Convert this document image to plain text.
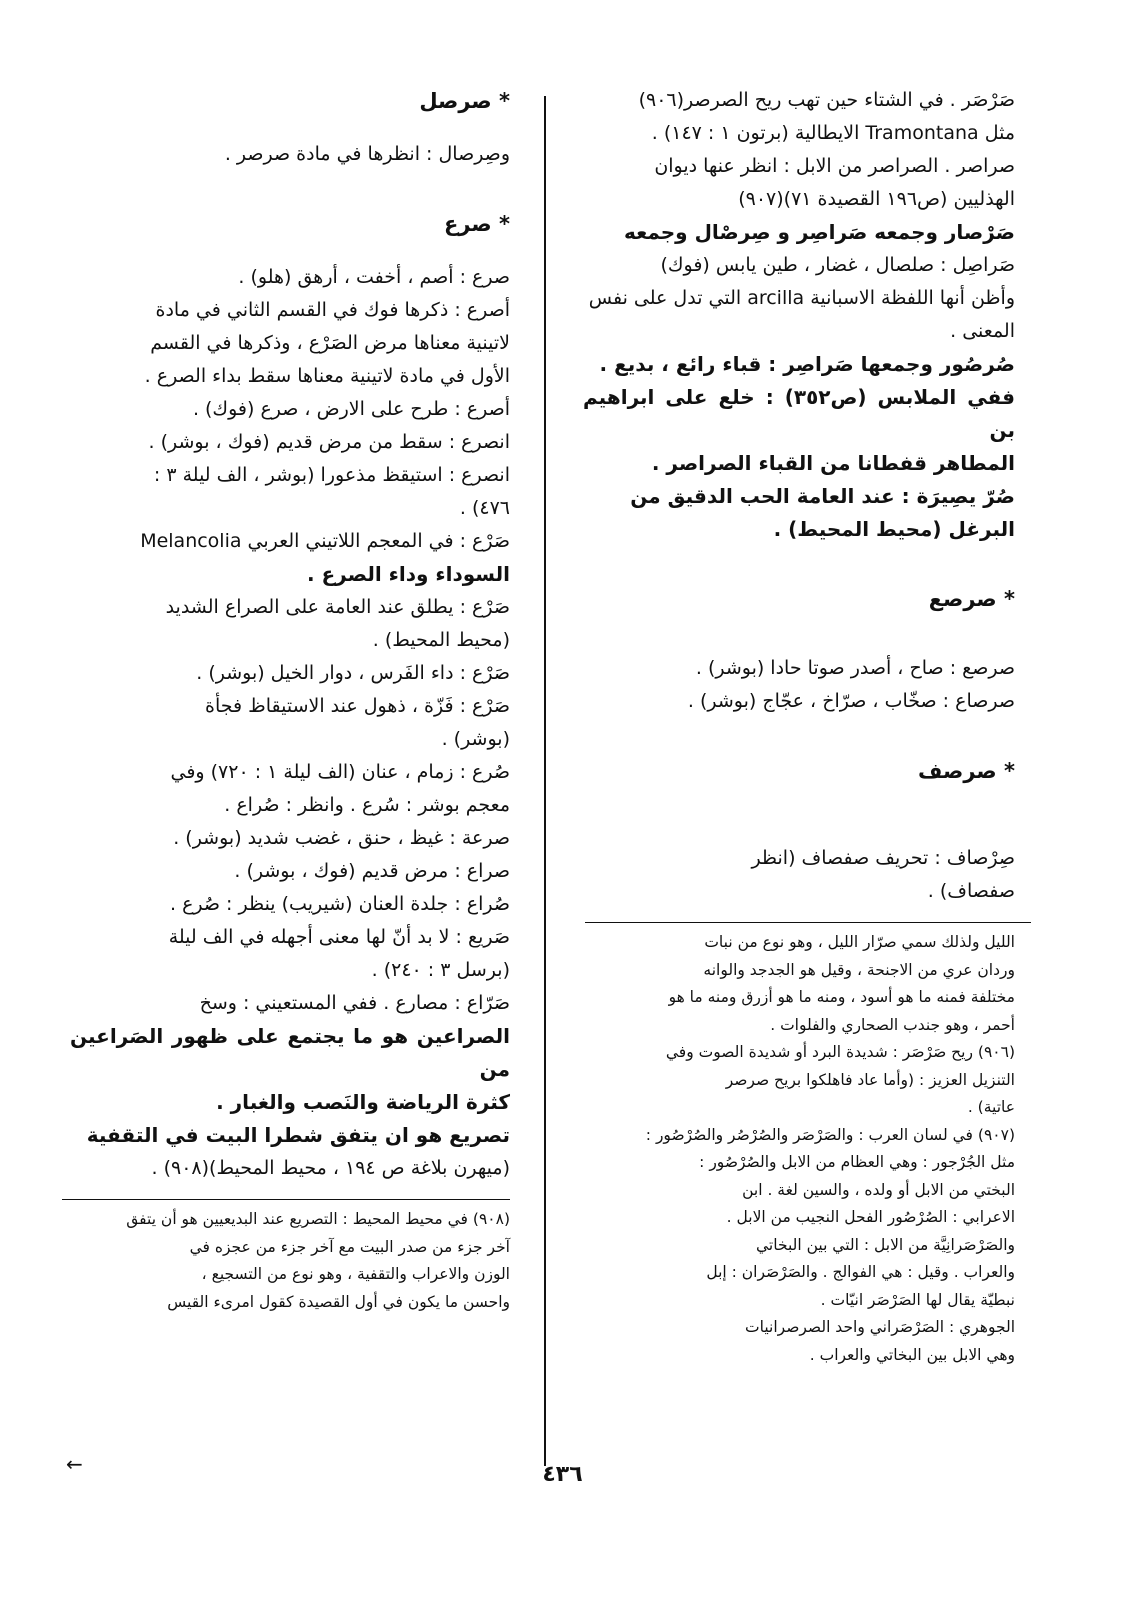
صَرْصَر . في الشتاء حين تهب ريح الصرصر(٩٠٦)
مثل Tramontana الايطالية (برتون ١ : ١٤٧) .
صراصر . الصراصر من الابل : انظر عنها ديوان
الهذليين (ص١٩٦ القصيدة ٧١)(٩٠٧)
صَرْصار وجمعه صَراصِر و صِرصْال وجمعه
صَراصِل : صلصال ، غضار ، طين يابس (فوك)
وأظن أنها اللفظة الاسبانية arcilla التي تدل على نفس
المعنى .
صُرصُور وجمعها صَراصِر : قباء رائع ، بديع .
ففي الملابس (ص٣٥٢) : خلع على ابراهيم بن
المطاهر قفطانا من القباء الصراصر .
صُرّ يصِيرَة : عند العامة الحب الدقيق من
البرغل (محيط المحيط) .
* صرصع
صرصع : صاح ، أصدر صوتا حادا (بوشر) .
صرصاع : صخّاب ، صرّاخ ، عجّاج (بوشر) .
* صرصف
صِرْصاف : تحريف صفصاف (انظر
صفصاف) .
الليل ولذلك سمي صرّار الليل ، وهو نوع من نبات
وردان عري من الاجنحة ، وقيل هو الجدجد والوانه
مختلفة فمنه ما هو أسود ، ومنه ما هو أزرق ومنه ما هو
أحمر ، وهو جندب الصحاري والفلوات .
(٩٠٦) ريح صَرْصَر : شديدة البرد أو شديدة الصوت وفي
التنزيل العزيز : (وأما عاد فاهلكوا بريح صرصر
عاتية) .
(٩٠٧) في لسان العرب : والصَرْصَر والصُرْصُر والصُرْصُور :
مثل الجُرْجور : وهي العظام من الابل والصُرْصُور :
البختي من الابل أو ولده ، والسين لغة . ابن
الاعرابي : الصُرْصُور الفحل النجيب من الابل .
والصَرْصَرانِيَّة من الابل : التي بين البخاتي
والعراب . وقيل : هي الفوالج . والصَرْصَران : إبل
نبطيّة يقال لها الصَرْصَر انيّات .
الجوهري : الصَرْصَراني واحد الصرصرانيات
وهي الابل بين البخاتي والعراب .
* صرصل
وصِرصال : انظرها في مادة صرصر .
* صرع
صرع : أصم ، أخفت ، أرهق (هلو) .
أصرع : ذكرها فوك في القسم الثاني في مادة
لاتينية معناها مرض الصَرْع ، وذكرها في القسم
الأول في مادة لاتينية معناها سقط بداء الصرع .
أصرع : طرح على الارض ، صرع (فوك) .
انصرع : سقط من مرض قديم (فوك ، بوشر) .
انصرع : استيقظ مذعورا (بوشر ، الف ليلة ٣ :
٤٧٦) .
صَرْع : في المعجم اللاتيني العربي Melancolia
السوداء وداء الصرع .
صَرْع : يطلق عند العامة على الصراع الشديد
(محيط المحيط) .
صَرْع : داء الفَرس ، دوار الخيل (بوشر) .
صَرْع : فَزّة ، ذهول عند الاستيقاظ فجأة
(بوشر) .
صُرع : زمام ، عنان (الف ليلة ١ : ٧٢٠) وفي
معجم بوشر : سُرع . وانظر : صُراع .
صرعة : غيظ ، حنق ، غضب شديد (بوشر) .
صراع : مرض قديم (فوك ، بوشر) .
صُراع : جلدة العنان (شيريب) ينظر : صُرع .
صَريع : لا بد أنّ لها معنى أجهله في الف ليلة
(برسل ٣ : ٢٤٠) .
صَرّاع : مصارع . ففي المستعيني : وسخ
الصراعين هو ما يجتمع على ظهور الصَراعين من
كثرة الرياضة والنَصب والغبار .
تصريع هو ان يتفق شطرا البيت في التقفية
(ميهرن بلاغة ص ١٩٤ ، محيط المحيط)(٩٠٨) .
(٩٠٨) في محيط المحيط : التصريع عند البديعيين هو أن يتفق
آخر جزء من صدر البيت مع آخر جزء من عجزه في
الوزن والاعراب والتقفية ، وهو نوع من التسجيع ،
واحسن ما يكون في أول القصيدة كقول امرىء القيس
←	٤٣٦
